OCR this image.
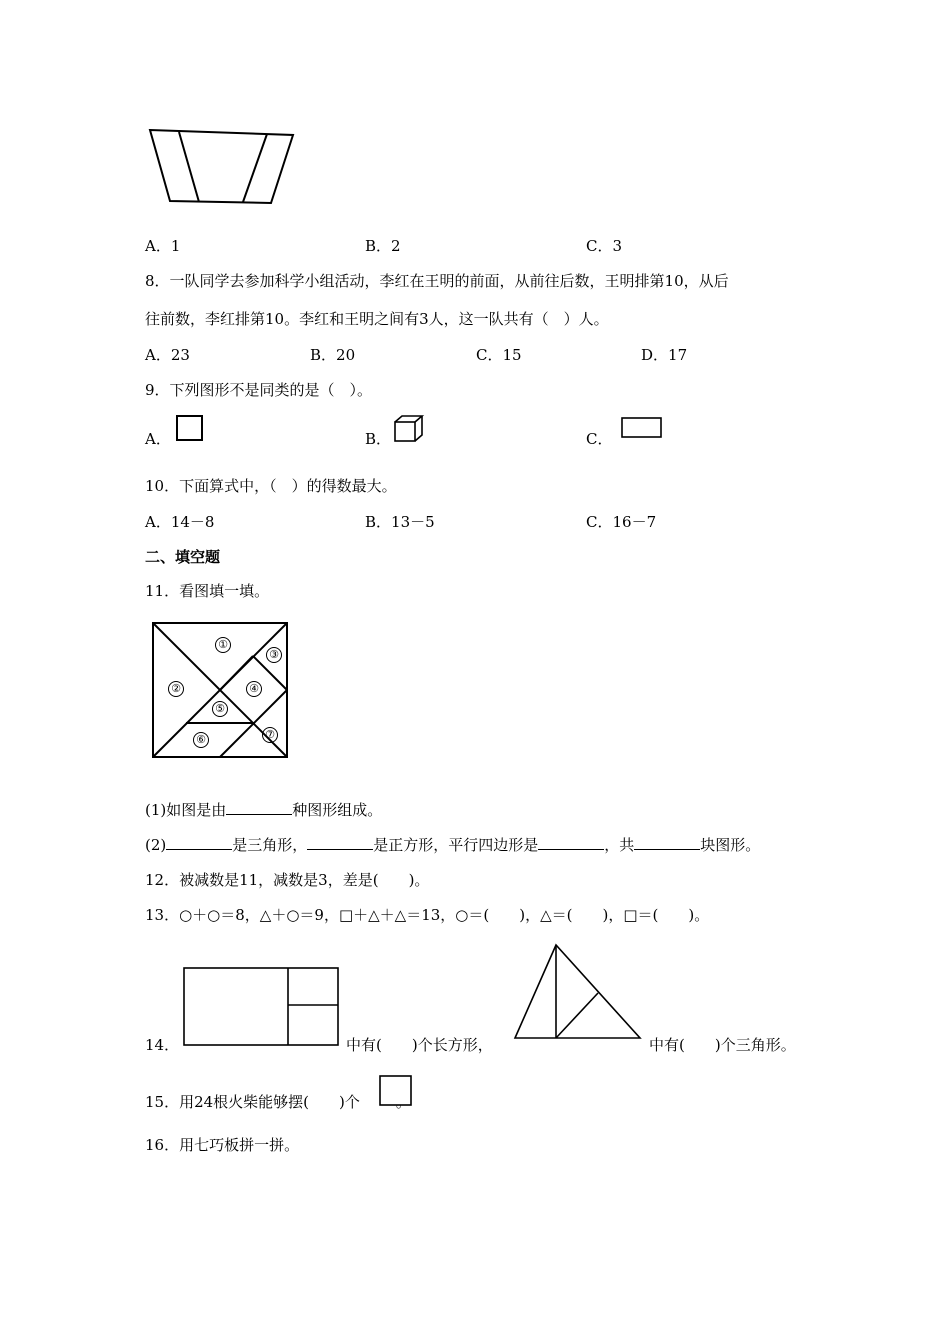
A．1	B．2	C．3
8．一队同学去参加科学小组活动，李红在王明的前面，从前往后数，王明排第10，从后
往前数，李红排第10。李红和王明之间有3人，这一队共有（　）人。
A．23	B．20	C．15	D．17
9．下列图形不是同类的是（　）。
A．	B．	C．
10．下面算式中，（　）的得数最大。
A．14－8	B．13－5	C．16－7
二、填空题
11．看图填一填。
①
②
③
④
⑤
⑥	⑦
(1)如图是由	种图形组成。
(2)	是三角形，	是正方形，平行四边形是	，共	块图形。
12．被减数是11，减数是3，差是(　　)。
13．○＋○＝8，△＋○＝9，□＋△＋△＝13，○＝(　　)，△＝(　　)，□＝(　　)。
14．	中有(　　)个长方形，	中有(　　)个三角形。
15．用24根火柴能够摆(　　)个 。
16．用七巧板拼一拼。
